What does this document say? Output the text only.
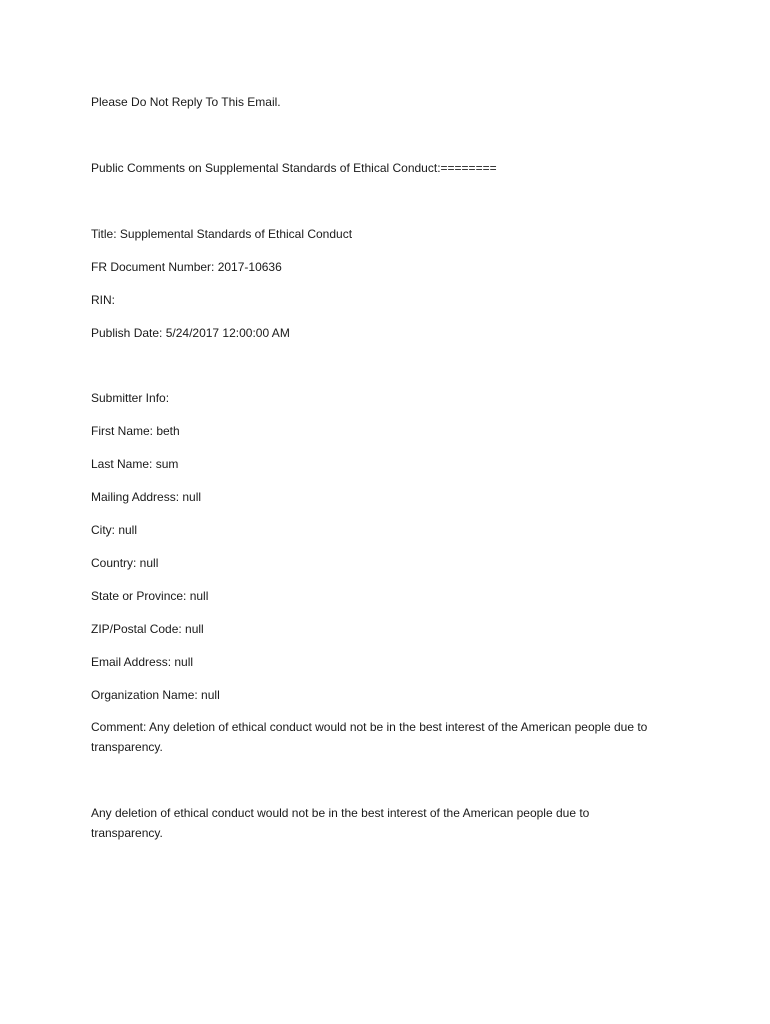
Please Do Not Reply To This Email.
Public Comments on Supplemental Standards of Ethical Conduct:========
Title: Supplemental Standards of Ethical Conduct
FR Document Number: 2017-10636
RIN:
Publish Date: 5/24/2017 12:00:00 AM
Submitter Info:
First Name: beth
Last Name: sum
Mailing Address: null
City: null
Country: null
State or Province: null
ZIP/Postal Code: null
Email Address: null
Organization Name: null
Comment: Any deletion of ethical conduct would not be in the best interest of the American people due to transparency.
Any deletion of ethical conduct would not be in the best interest of the American people due to transparency.
